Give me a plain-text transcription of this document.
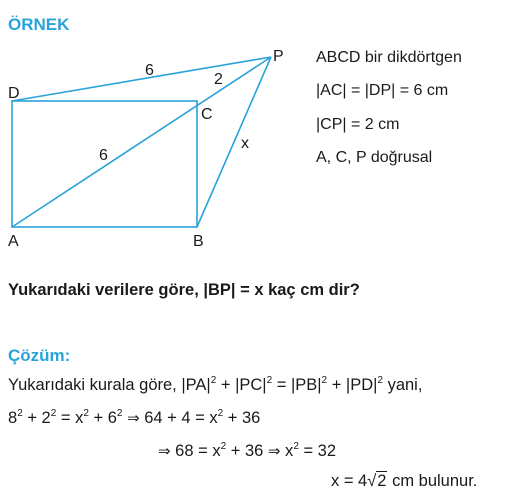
ÖRNEK
D
C
P
A	B
6
2
6
x
ABCD bir dikdörtgen
|AC| = |DP| = 6 cm
|CP| = 2 cm
A, C, P doğrusal
Yukarıdaki verilere göre, |BP| = x kaç cm dir?
Çözüm:
Yukarıdaki kurala göre, $|PA|^2 + |PC|^2 = |PB|^2 + |PD|^2$ yani,
$8^2 + 2^2 = x^2 + 6^2$ ⇒ $64 + 4 = x^2 + 36$
⇒ $68 = x^2 + 36$ ⇒ $x^2 = 32$
x = 4√2 cm bulunur.
